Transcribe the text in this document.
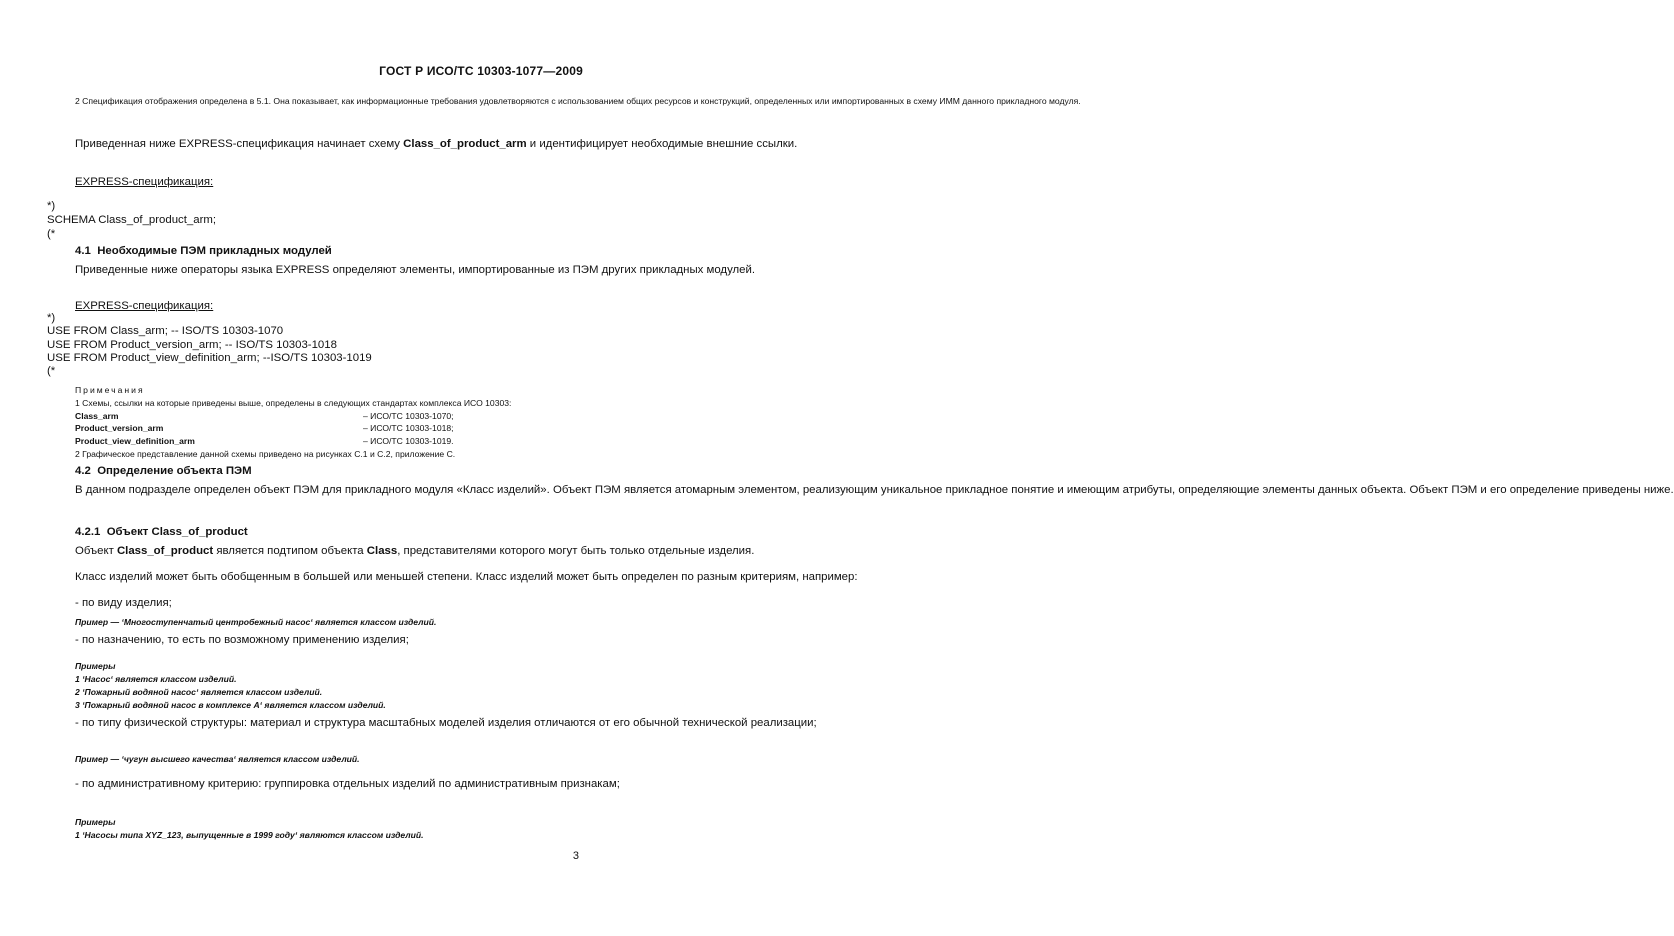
ГОСТ Р ИСО/ТС 10303-1077—2009
2 Спецификация отображения определена в 5.1. Она показывает, как информационные требования удовлетворяются с использованием общих ресурсов и конструкций, определенных или импортированных в схему ИММ данного прикладного модуля.
Приведенная ниже EXPRESS-спецификация начинает схему Class_of_product_arm и идентифицирует необходимые внешние ссылки.
EXPRESS-спецификация:
*)
SCHEMA Class_of_product_arm;
(*
4.1 Необходимые ПЭМ прикладных модулей
Приведенные ниже операторы языка EXPRESS определяют элементы, импортированные из ПЭМ других прикладных модулей.
EXPRESS-спецификация:
*)
USE FROM Class_arm; -- ISO/TS 10303-1070
USE FROM Product_version_arm; -- ISO/TS 10303-1018
USE FROM Product_view_definition_arm; --ISO/TS 10303-1019
(*
Примечания
1 Схемы, ссылки на которые приведены выше, определены в следующих стандартах комплекса ИСО 10303:
Class_arm	– ИСО/ТС 10303-1070;
Product_version_arm	– ИСО/ТС 10303-1018;
Product_view_definition_arm	– ИСО/ТС 10303-1019.
2 Графическое представление данной схемы приведено на рисунках С.1 и С.2, приложение С.
4.2 Определение объекта ПЭМ
В данном подразделе определен объект ПЭМ для прикладного модуля «Класс изделий». Объект ПЭМ является атомарным элементом, реализующим уникальное прикладное понятие и имеющим атрибуты, определяющие элементы данных объекта. Объект ПЭМ и его определение приведены ниже.
4.2.1 Объект Class_of_product
Объект Class_of_product является подтипом объекта Class, представителями которого могут быть только отдельные изделия.
Класс изделий может быть обобщенным в большей или меньшей степени. Класс изделий может быть определен по разным критериям, например:
- по виду изделия;
Пример — ‘Многоступенчатый центробежный насос‘ является классом изделий.
- по назначению, то есть по возможному применению изделия;
Примеры
1 ‘Насос‘ является классом изделий.
2 ‘Пожарный водяной насос‘ является классом изделий.
3 ‘Пожарный водяной насос в комплексе А‘ является классом изделий.
- по типу физической структуры: материал и структура масштабных моделей изделия отличаются от его обычной технической реализации;
Пример — ‘чугун высшего качества‘ является классом изделий.
- по административному критерию: группировка отдельных изделий по административным признакам;
Примеры
1 ‘Насосы типа XYZ_123, выпущенные в 1999 году‘ являются классом изделий.
3
